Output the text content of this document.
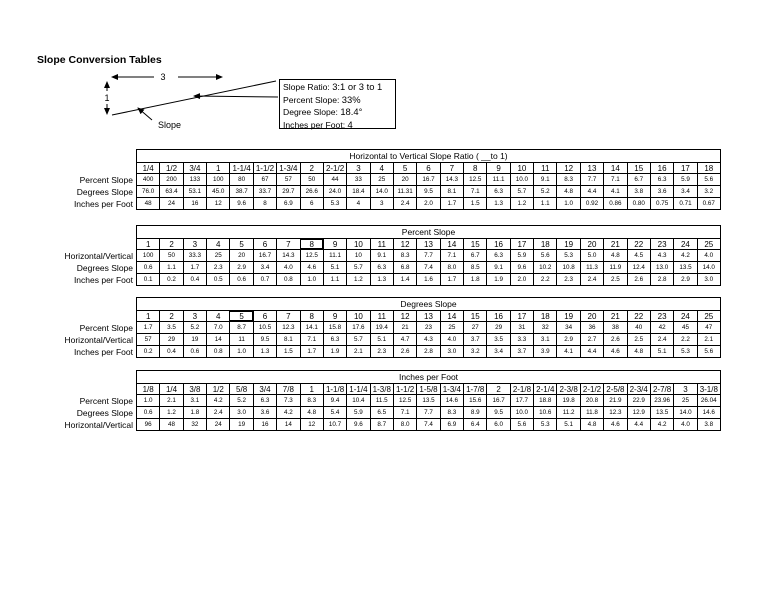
Slope Conversion Tables
3
1
Slope
Slope Ratio: 3:1 or 3 to 1
Percent Slope: 33%
Degree Slope: 18.4°
Inches per Foot: 4
Horizontal to Vertical Slope Ratio ( __to 1)
1/4	1/2	3/4	1	1-1/4 1-1/2 1-3/4	2	2-1/2	3	4	5	6	7	8	9	10	11	12	13	14	15	16	17	18
Percent Slope	400	200	133	100	80	67	57	50	44	33	25	20	16.7	14.3	12.5	11.1	10.0	9.1	8.3	7.7	7.1	6.7	6.3	5.9	5.6
Degrees Slope	76.0	63.4	53.1	45.0	38.7	33.7	29.7	26.6	24.0	18.4	14.0	11.31	9.5	8.1	7.1	6.3	5.7	5.2	4.8	4.4	4.1	3.8	3.6	3.4	3.2
Inches per Foot	48	24	16	12	9.6	8	6.9	6	5.3	4	3	2.4	2.0	1.7	1.5	1.3	1.2	1.1	1.0	0.92	0.86	0.80	0.75	0.71	0.67
Percent Slope
1	2	3	4	5	6	7	8	9	10	11	12	13	14	15	16	17	18	19	20	21	22	23	24	25
Horizontal/Vertical	100	50	33.3	25	20	16.7	14.3	12.5	11.1	10	9.1	8.3	7.7	7.1	6.7	6.3	5.9	5.6	5.3	5.0	4.8	4.5	4.3	4.2	4.0
Degrees Slope	0.6	1.1	1.7	2.3	2.9	3.4	4.0	4.6	5.1	5.7	6.3	6.8	7.4	8.0	8.5	9.1	9.6	10.2	10.8	11.3	11.9	12.4	13.0	13.5	14.0
Inches per Foot	0.1	0.2	0.4	0.5	0.6	0.7	0.8	1.0	1.1	1.2	1.3	1.4	1.6	1.7	1.8	1.9	2.0	2.2	2.3	2.4	2.5	2.6	2.8	2.9	3.0
Degrees Slope
1	2	3	4	5	6	7	8	9	10	11	12	13	14	15	16	17	18	19	20	21	22	23	24	25
Percent Slope	1.7	3.5	5.2	7.0	8.7	10.5	12.3	14.1	15.8	17.6	19.4	21	23	25	27	29	31	32	34	36	38	40	42	45	47
Horizontal/Vertical	57	29	19	14	11	9.5	8.1	7.1	6.3	5.7	5.1	4.7	4.3	4.0	3.7	3.5	3.3	3.1	2.9	2.7	2.6	2.5	2.4	2.2	2.1
Inches per Foot	0.2	0.4	0.6	0.8	1.0	1.3	1.5	1.7	1.9	2.1	2.3	2.6	2.8	3.0	3.2	3.4	3.7	3.9	4.1	4.4	4.6	4.8	5.1	5.3	5.6
Inches per Foot
1/8	1/4	3/8	1/2	5/8	3/4	7/8	1	1-1/8 1-1/4 1-3/8 1-1/2 1-5/8 1-3/4 1-7/8	2	2-1/8 2-1/4 2-3/8 2-1/2 2-5/8 2-3/4 2-7/8	3	3-1/8
Percent Slope	1.0	2.1	3.1	4.2	5.2	6.3	7.3	8.3	9.4	10.4	11.5	12.5	13.5	14.6	15.6	16.7	17.7	18.8	19.8	20.8	21.9	22.9	23.96	25	26.04
Degrees Slope	0.6	1.2	1.8	2.4	3.0	3.6	4.2	4.8	5.4	5.9	6.5	7.1	7.7	8.3	8.9	9.5	10.0	10.6	11.2	11.8	12.3	12.9	13.5	14.0	14.6
Horizontal/Vertical	96	48	32	24	19	16	14	12	10.7	9.6	8.7	8.0	7.4	6.9	6.4	6.0	5.6	5.3	5.1	4.8	4.6	4.4	4.2	4.0	3.8
